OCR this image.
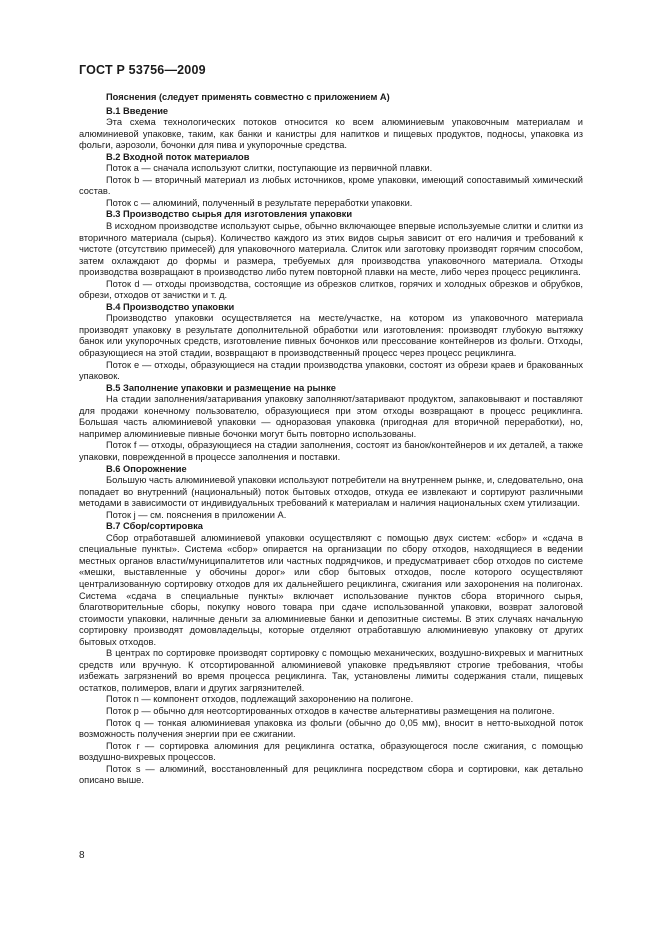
ГОСТ Р 53756—2009

Пояснения (следует применять совместно с приложением А)

В.1 Введение

Эта схема технологических потоков относится ко всем алюминиевым упаковочным материалам и алюминиевой упаковке, таким, как банки и канистры для напитков и пищевых продуктов, подносы, упаковка из фольги, аэрозоли, бочонки для пива и укупорочные средства.

В.2 Входной поток материалов

Поток a — сначала используют слитки, поступающие из первичной плавки.

Поток b — вторичный материал из любых источников, кроме упаковки, имеющий сопоставимый химический состав.

Поток c — алюминий, полученный в результате переработки упаковки.

В.3 Производство сырья для изготовления упаковки

В исходном производстве используют сырье, обычно включающее впервые используемые слитки и слитки из вторичного материала (сырья). Количество каждого из этих видов сырья зависит от его наличия и требований к чистоте (отсутствию примесей) для упаковочного материала. Слиток или заготовку производят горячим способом, затем охлаждают до формы и размера, требуемых для производства упаковочного материала. Отходы производства возвращают в производство либо путем повторной плавки на месте, либо через процесс рециклинга.

Поток d — отходы производства, состоящие из обрезков слитков, горячих и холодных обрезков и обрубков, обрези, отходов от зачистки и т. д.

В.4 Производство упаковки

Производство упаковки осуществляется на месте/участке, на котором из упаковочного материала производят упаковку в результате дополнительной обработки или изготовления: производят глубокую вытяжку банок или укупорочных средств, изготовление пивных бочонков или прессование контейнеров из фольги. Отходы, образующиеся на этой стадии, возвращают в производственный процесс через процесс рециклинга.

Поток e — отходы, образующиеся на стадии производства упаковки, состоят из обрези краев и бракованных упаковок.

В.5 Заполнение упаковки и размещение на рынке

На стадии заполнения/затаривания упаковку заполняют/затаривают продуктом, запаковывают и поставляют для продажи конечному пользователю, образующиеся при этом отходы возвращают в процесс рециклинга. Большая часть алюминиевой упаковки — одноразовая упаковка (пригодная для вторичной переработки), но, например алюминиевые пивные бочонки могут быть повторно использованы.

Поток f — отходы, образующиеся на стадии заполнения, состоят из банок/контейнеров и их деталей, а также упаковки, поврежденной в процессе заполнения и поставки.

В.6 Опорожнение

Большую часть алюминиевой упаковки используют потребители на внутреннем рынке, и, следовательно, она попадает во внутренний (национальный) поток бытовых отходов, откуда ее извлекают и сортируют различными методами в зависимости от индивидуальных требований к материалам и наличия национальных схем утилизации.

Поток j — см. пояснения в приложении А.

В.7 Сбор/сортировка

Сбор отработавшей алюминиевой упаковки осуществляют с помощью двух систем: «сбор» и «сдача в специальные пункты». Система «сбор» опирается на организации по сбору отходов, находящиеся в ведении местных органов власти/муниципалитетов или частных подрядчиков, и предусматривает сбор отходов по системе «мешки, выставленные у обочины дорог» или сбор бытовых отходов, после которого осуществляют централизованную сортировку отходов для их дальнейшего рециклинга, сжигания или захоронения на полигонах. Система «сдача в специальные пункты» включает использование пунктов сбора вторичного сырья, благотворительные сборы, покупку нового товара при сдаче использованной упаковки, возврат залоговой стоимости упаковки, наличные деньги за алюминиевые банки и депозитные системы. В этих случаях начальную сортировку производят домовладельцы, которые отделяют отработавшую алюминиевую упаковку от других бытовых отходов.

В центрах по сортировке производят сортировку с помощью механических, воздушно-вихревых и магнитных средств или вручную. К отсортированной алюминиевой упаковке предъявляют строгие требования, чтобы избежать загрязнений во время процесса рециклинга. Так, установлены лимиты содержания стали, пищевых остатков, полимеров, влаги и других загрязнителей.

Поток n — компонент отходов, подлежащий захоронению на полигоне.

Поток p — обычно для неотсортированных отходов в качестве альтернативы размещения на полигоне.

Поток q — тонкая алюминиевая упаковка из фольги (обычно до 0,05 мм), вносит в нетто-выходной поток возможность получения энергии при ее сжигании.

Поток r — сортировка алюминия для рециклинга остатка, образующегося после сжигания, с помощью воздушно-вихревых процессов.

Поток s — алюминий, восстановленный для рециклинга посредством сбора и сортировки, как детально описано выше.

8
